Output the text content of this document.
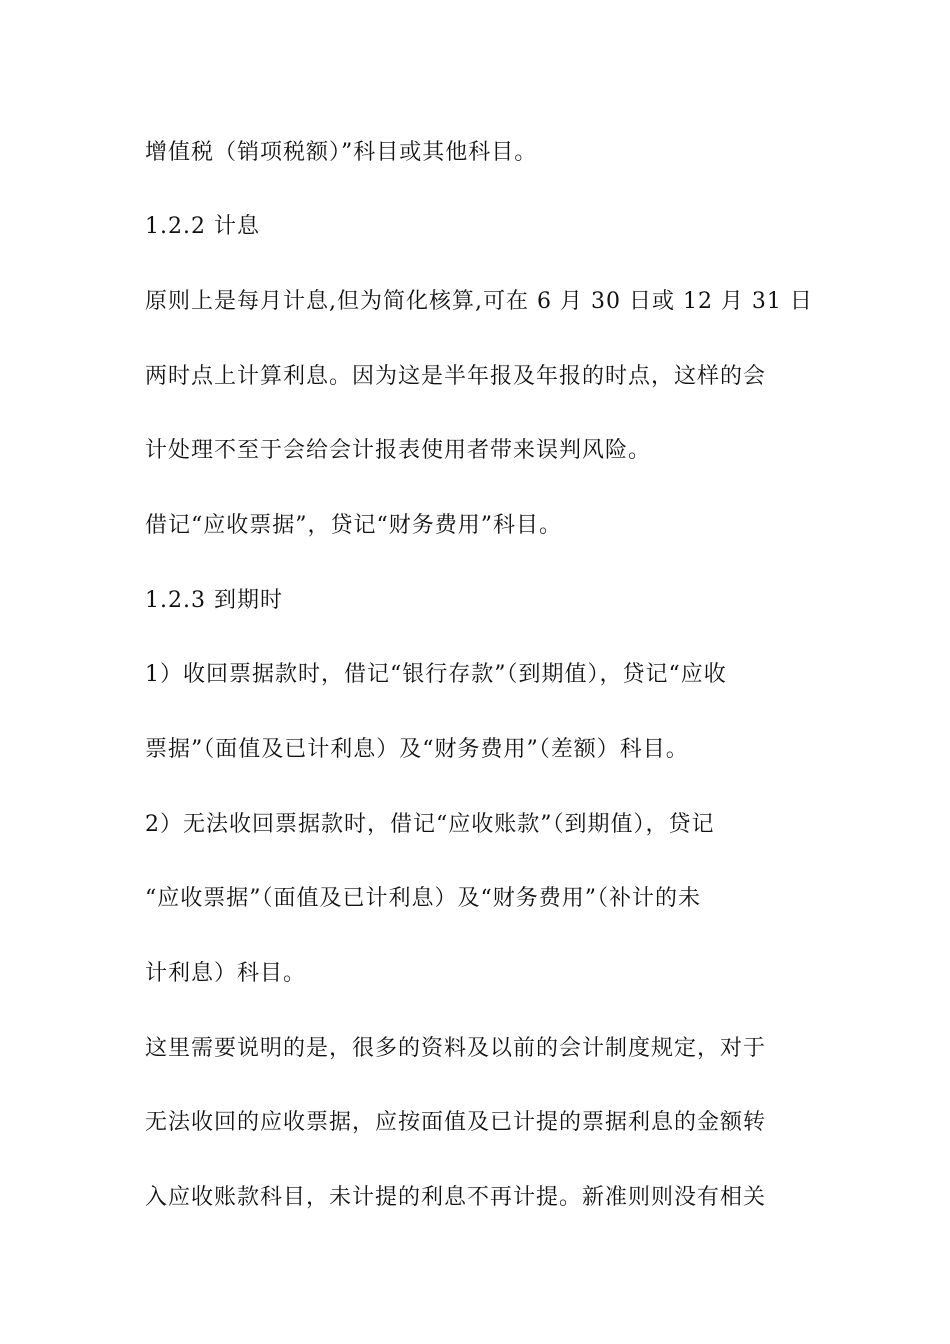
增值税（销项税额）”科目或其他科目。
1.2.2 计息
原则上是每月计息,但为简化核算,可在 6 月 30 日或 12 月 31 日
两时点上计算利息。因为这是半年报及年报的时点，这样的会
计处理不至于会给会计报表使用者带来误判风险。
借记“应收票据”，贷记“财务费用”科目。
1.2.3 到期时
1）收回票据款时，借记“银行存款”（到期值），贷记“应收
票据”（面值及已计利息）及“财务费用”（差额）科目。
2）无法收回票据款时，借记“应收账款”（到期值），贷记
“应收票据”（面值及已计利息）及“财务费用”（补计的未
计利息）科目。
这里需要说明的是，很多的资料及以前的会计制度规定，对于
无法收回的应收票据，应按面值及已计提的票据利息的金额转
入应收账款科目，未计提的利息不再计提。新准则则没有相关
